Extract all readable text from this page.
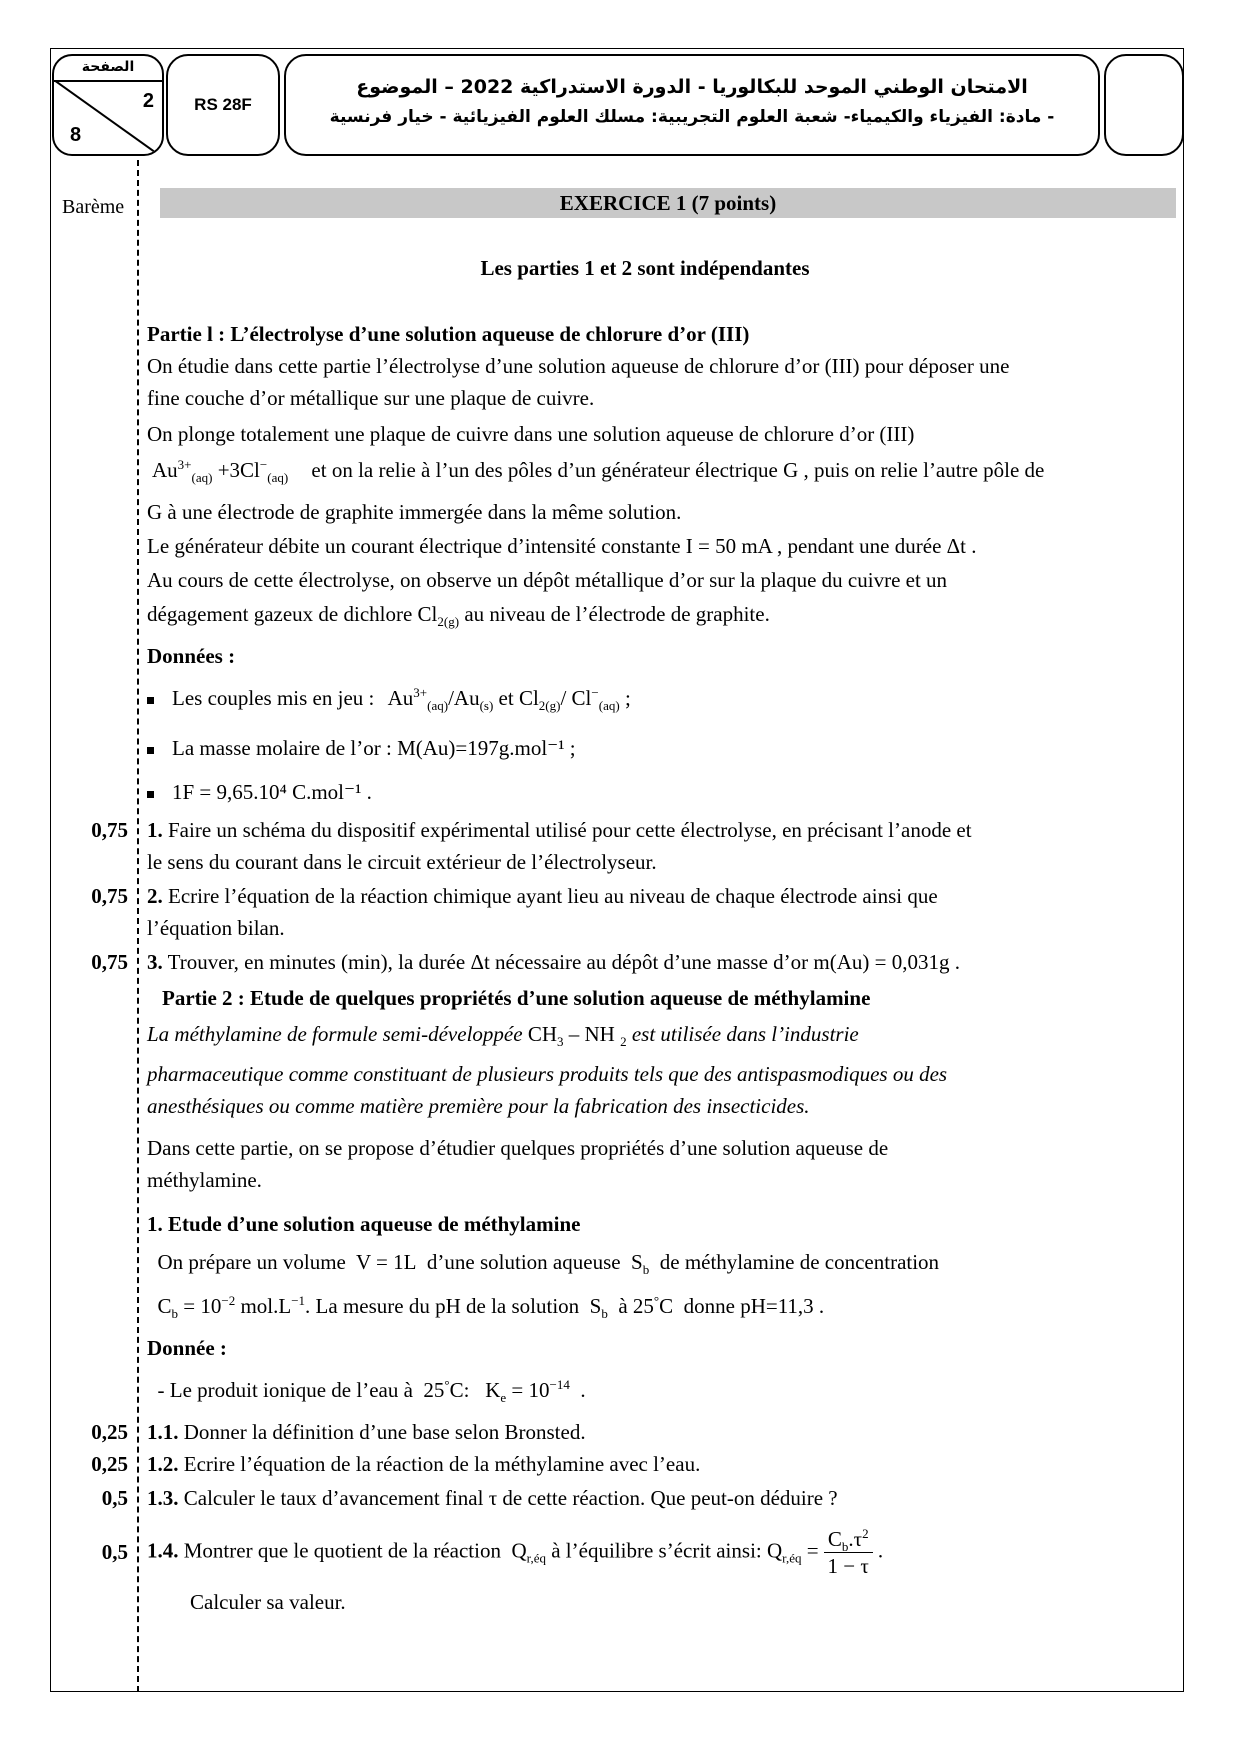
الصفحة
2
8
RS 28F
الامتحان الوطني الموحد للبكالوريا - الدورة الاستدراكية 2022 – الموضوع
- مادة: الفيزياء والكيمياء- شعبة العلوم التجريبية: مسلك العلوم الفيزيائية - خيار فرنسية
Barème	EXERCICE 1 (7 points)
Les parties 1 et 2 sont indépendantes
Partie l : L’électrolyse d’une solution aqueuse de chlorure d’or (III)
On étudie dans cette partie l’électrolyse d’une solution aqueuse de chlorure d’or (III) pour déposer une
fine couche d’or métallique sur une plaque de cuivre.
On plonge totalement une plaque de cuivre dans une solution aqueuse de chlorure d’or (III)
$Au^{3+}_{(aq)} +3Cl^-_{(aq)}$ et on la relie à l’un des pôles d’un générateur électrique G , puis on relie l’autre pôle de
G à une électrode de graphite immergée dans la même solution.
Le générateur débite un courant électrique d’intensité constante I = 50 mA , pendant une durée Δt .
Au cours de cette électrolyse, on observe un dépôt métallique d’or sur la plaque du cuivre et un
dégagement gazeux de dichlore $Cl_{2(g)}$ au niveau de l’électrode de graphite.
Données :
Les couples mis en jeu : $Au^{3+}_{(aq)}/Au_{(s)}$ et $Cl_{2(g)}/$ $Cl^-_{(aq)}$ ;
La masse molaire de l’or : M(Au)=197g.mol⁻¹ ;
1F = 9,65.10⁴ C.mol⁻¹ .
0,75 1. Faire un schéma du dispositif expérimental utilisé pour cette électrolyse, en précisant l’anode et
le sens du courant dans le circuit extérieur de l’électrolyseur.
0,75 2. Ecrire l’équation de la réaction chimique ayant lieu au niveau de chaque électrode ainsi que
l’équation bilan.
0,75 3. Trouver, en minutes (min), la durée Δt nécessaire au dépôt d’une masse d’or m(Au) = 0,031g .
Partie 2 : Etude de quelques propriétés d’une solution aqueuse de méthylamine
La méthylamine de formule semi-développée $CH_3$ – NH $_2$ est utilisée dans l’industrie
pharmaceutique comme constituant de plusieurs produits tels que des antispasmodiques ou des
anesthésiques ou comme matière première pour la fabrication des insecticides.
Dans cette partie, on se propose d’étudier quelques propriétés d’une solution aqueuse de
méthylamine.
1. Etude d’une solution aqueuse de méthylamine
On prépare un volume  V = 1L  d’une solution aqueuse  $S_b$  de méthylamine de concentration
$C_b = 10^{-2}$ $mol.L^{-1}$. La mesure du pH de la solution  $S_b$  à 25°C  donne pH=11,3 .
Donnée :
- Le produit ionique de l’eau à  25°C:   $K_e = 10^{-14}$  .
0,25 1.1. Donner la définition d’une base selon Bronsted.
0,25 1.2. Ecrire l’équation de la réaction de la méthylamine avec l’eau.
0,5 1.3. Calculer le taux d’avancement final τ de cette réaction. Que peut-on déduire ?
0,5 1.4. Montrer que le quotient de la réaction  $Q_{r,éq}$ à l’équilibre s’écrit ainsi: $Q_{r,éq} = \frac{C_b.\tau^2}{1 - \tau}$ .
Calculer sa valeur.
